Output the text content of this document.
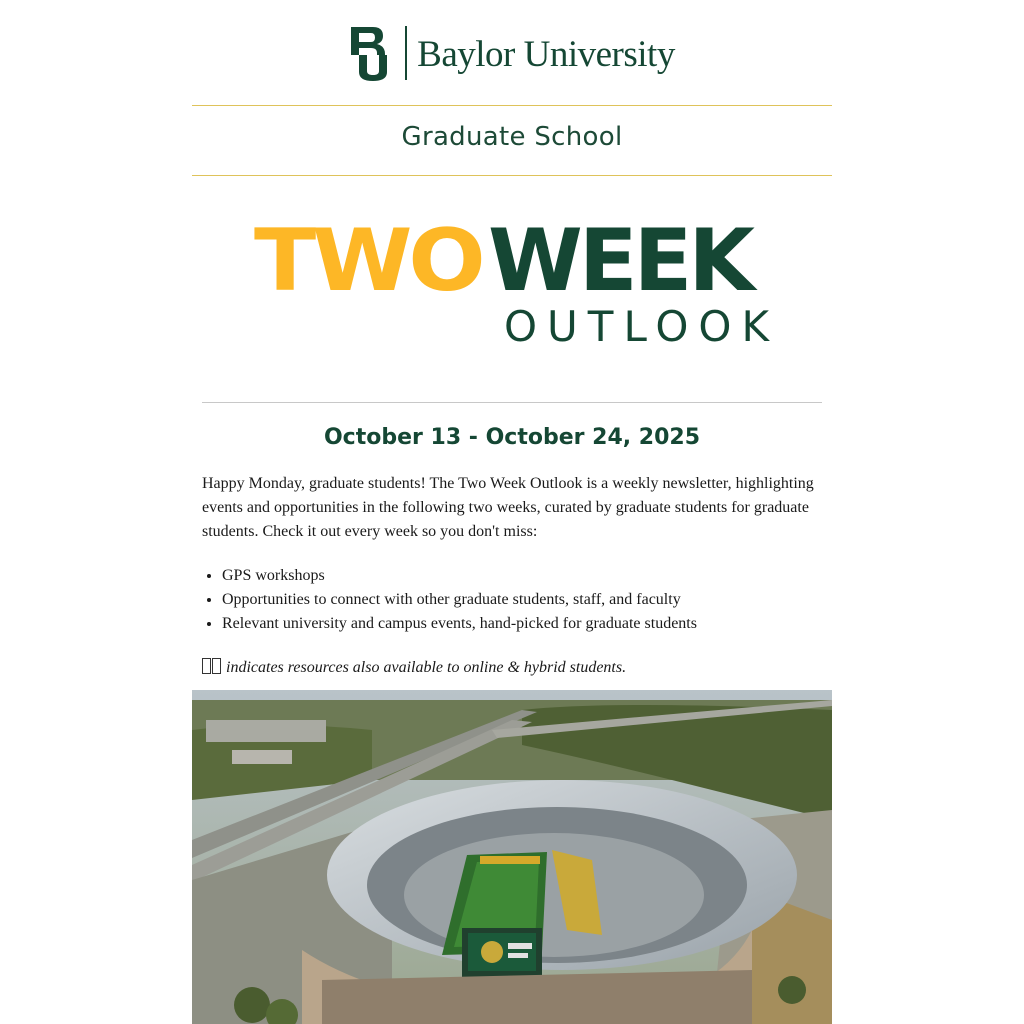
Baylor University
Graduate School
TWO WEEK
OUTLOOK
October 13 - October 24, 2025
Happy Monday, graduate students! The Two Week Outlook is a weekly newsletter, highlighting events and opportunities in the following two weeks, curated by graduate students for graduate students. Check it out every week so you don't miss:
• GPS workshops
• Opportunities to connect with other graduate students, staff, and faculty
• Relevant university and campus events, hand-picked for graduate students
indicates resources also available to online & hybrid students.
